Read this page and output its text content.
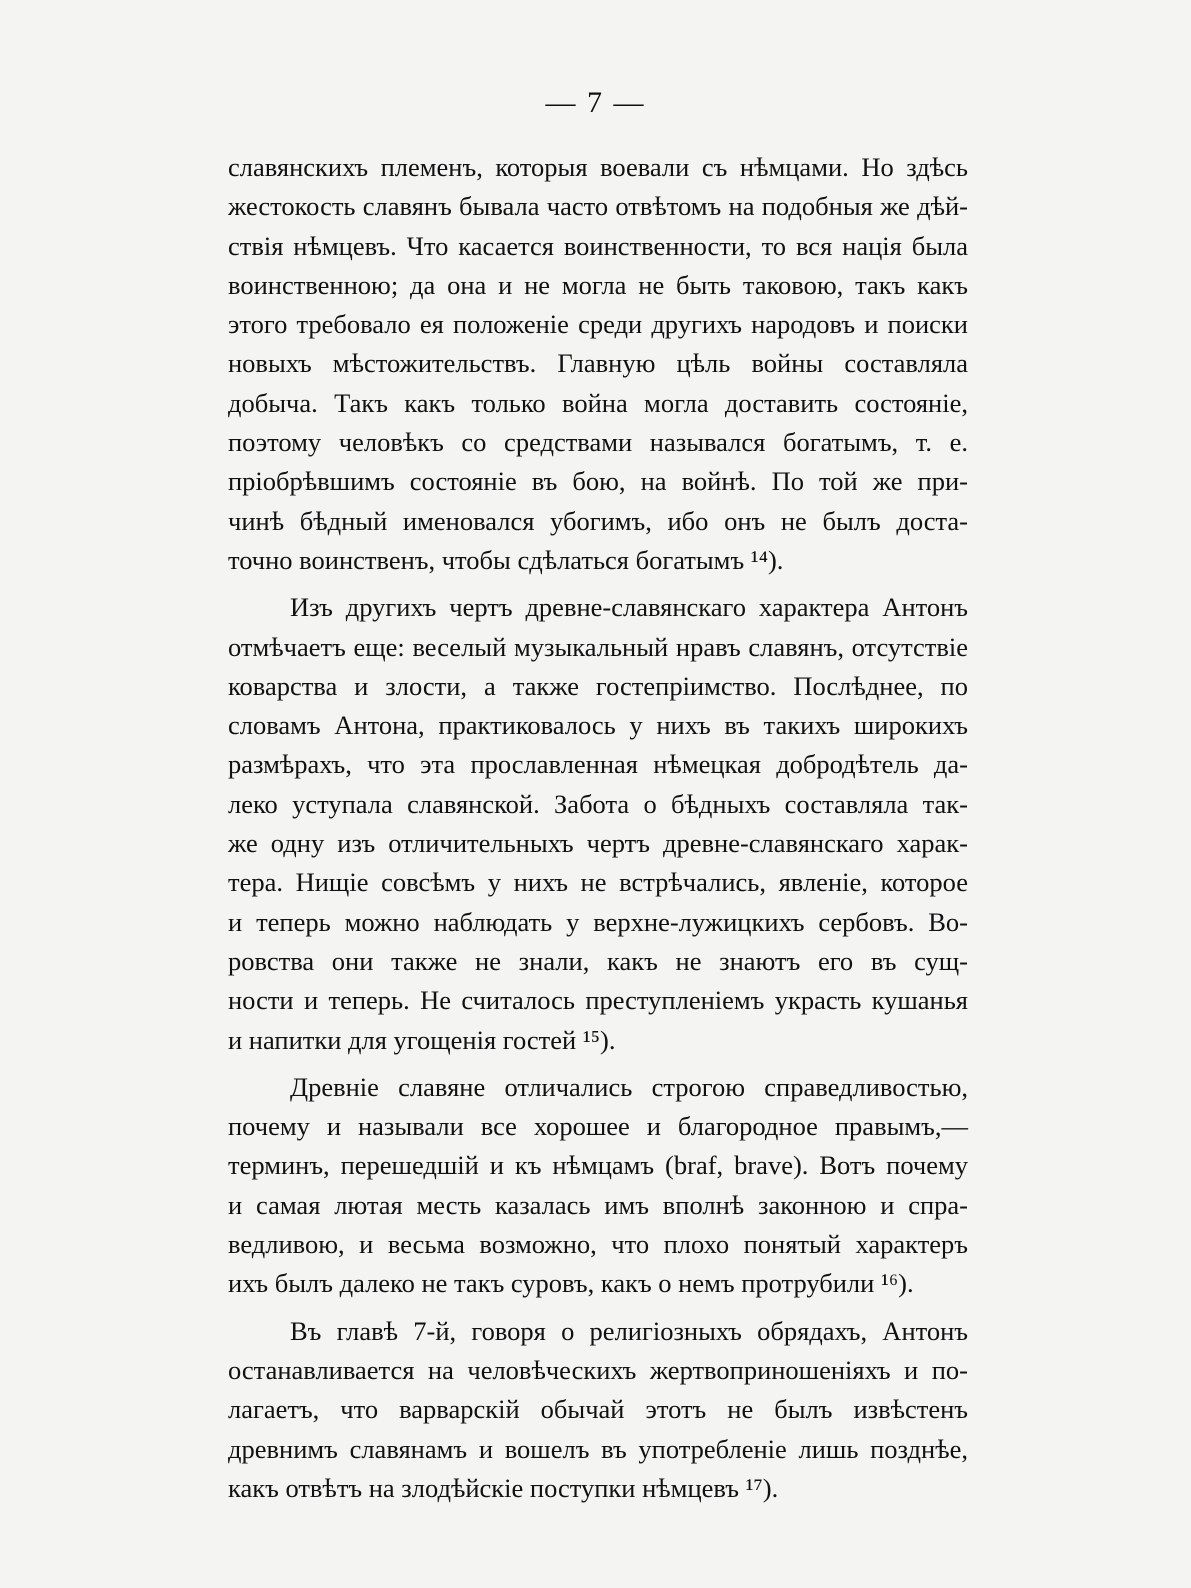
— 7 —
славянскихъ племенъ, которыя воевали съ нѣмцами. Но здѣсь
жестокость славянъ бывала часто отвѣтомъ на подобныя же дѣй-
ствія нѣмцевъ. Что касается воинственности, то вся нація была
воинственною; да она и не могла не быть таковою, такъ какъ
этого требовало ея положеніе среди другихъ народовъ и поиски
новыхъ мѣстожительствъ. Главную цѣль войны составляла
добыча. Такъ какъ только война могла доставить состояніе,
поэтому человѣкъ со средствами назывался богатымъ, т. е.
пріобрѣвшимъ состояніе въ бою, на войнѣ. По той же при-
чинѣ бѣдный именовался убогимъ, ибо онъ не былъ доста-
точно воинственъ, чтобы сдѣлаться богатымъ ¹⁴).
Изъ другихъ чертъ древне-славянскаго характера Антонъ
отмѣчаетъ еще: веселый музыкальный нравъ славянъ, отсутствіе
коварства и злости, а также гостепріимство. Послѣднее, по
словамъ Антона, практиковалось у нихъ въ такихъ широкихъ
размѣрахъ, что эта прославленная нѣмецкая добродѣтель да-
леко уступала славянской. Забота о бѣдныхъ составляла так-
же одну изъ отличительныхъ чертъ древне-славянскаго харак-
тера. Нищіе совсѣмъ у нихъ не встрѣчались, явленіе, которое
и теперь можно наблюдать у верхне-лужицкихъ сербовъ. Во-
ровства они также не знали, какъ не знаютъ его въ сущ-
ности и теперь. Не считалось преступленіемъ украсть кушанья
и напитки для угощенія гостей ¹⁵).
Древніе славяне отличались строгою справедливостью,
почему и называли все хорошее и благородное правымъ,—
терминъ, перешедшій и къ нѣмцамъ (braf, brave). Вотъ почему
и самая лютая месть казалась имъ вполнѣ законною и спра-
ведливою, и весьма возможно, что плохо понятый характеръ
ихъ былъ далеко не такъ суровъ, какъ о немъ протрубили ¹⁶).
Въ главѣ 7-й, говоря о религіозныхъ обрядахъ, Антонъ
останавливается на человѣческихъ жертвоприношеніяхъ и по-
лагаетъ, что варварскій обычай этотъ не былъ извѣстенъ
древнимъ славянамъ и вошелъ въ употребленіе лишь позднѣе,
какъ отвѣтъ на злодѣйскіе поступки нѣмцевъ ¹⁷).
